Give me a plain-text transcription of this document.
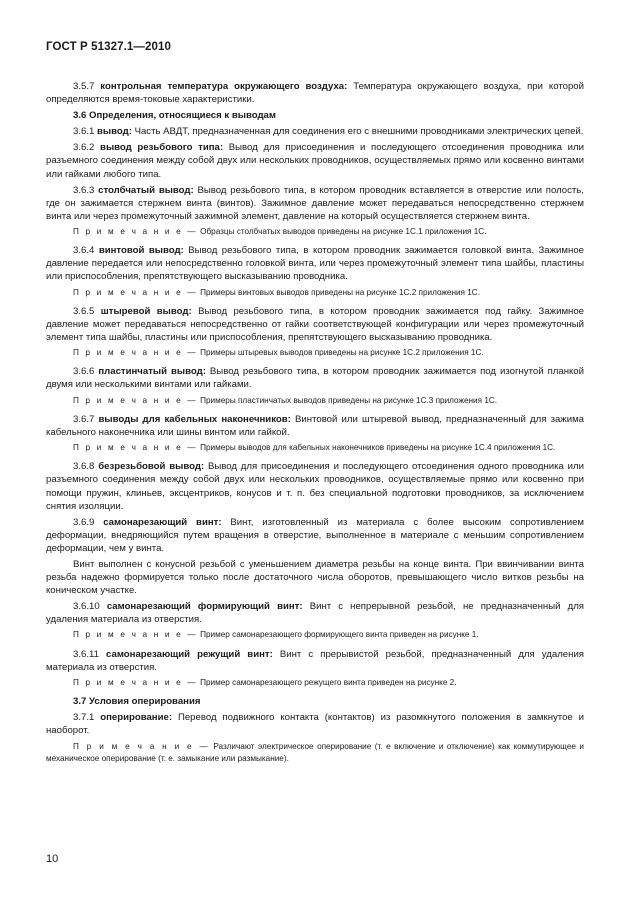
ГОСТ Р 51327.1—2010
3.5.7 контрольная температура окружающего воздуха: Температура окружающего воздуха, при которой определяются время-токовые характеристики.
3.6 Определения, относящиеся к выводам
3.6.1 вывод: Часть АВДТ, предназначенная для соединения его с внешними проводниками электрических цепей.
3.6.2 вывод резьбового типа: Вывод для присоединения и последующего отсоединения проводника или разъемного соединения между собой двух или нескольких проводников, осуществляемых прямо или косвенно винтами или гайками любого типа.
3.6.3 столбчатый вывод: Вывод резьбового типа, в котором проводник вставляется в отверстие или полость, где он зажимается стержнем винта (винтов). Зажимное давление может передаваться непосредственно стержнем винта или через промежуточный зажимной элемент, давление на который осуществляется стержнем винта.
П р и м е ч а н и е — Образцы столбчатых выводов приведены на рисунке 1С.1 приложения 1С.
3.6.4 винтовой вывод: Вывод резьбового типа, в котором проводник зажимается головкой винта. Зажимное давление передается или непосредственно головкой винта, или через промежуточный элемент типа шайбы, пластины или приспособления, препятствующего высказыванию проводника.
П р и м е ч а н и е — Примеры винтовых выводов приведены на рисунке 1С.2 приложения 1С.
3.6.5 штыревой вывод: Вывод резьбового типа, в котором проводник зажимается под гайку. Зажимное давление может передаваться непосредственно от гайки соответствующей конфигурации или через промежуточный элемент типа шайбы, пластины или приспособления, препятствующего высказыванию проводника.
П р и м е ч а н и е — Примеры штыревых выводов приведены на рисунке 1С.2 приложения 1С.
3.6.6 пластинчатый вывод: Вывод резьбового типа, в котором проводник зажимается под изогнутой планкой двумя или несколькими винтами или гайками.
П р и м е ч а н и е — Примеры пластинчатых выводов приведены на рисунке 1С.3 приложения 1С.
3.6.7 выводы для кабельных наконечников: Винтовой или штыревой вывод, предназначенный для зажима кабельного наконечника или шины винтом или гайкой.
П р и м е ч а н и е — Примеры выводов для кабельных наконечников приведены на рисунке 1С.4 приложения 1С.
3.6.8 безрезьбовой вывод: Вывод для присоединения и последующего отсоединения одного проводника или разъемного соединения между собой двух или нескольких проводников, осуществляемые прямо или косвенно при помощи пружин, клиньев, эксцентриков, конусов и т. п. без специальной подготовки проводников, за исключением снятия изоляции.
3.6.9 самонарезающий винт: Винт, изготовленный из материала с более высоким сопротивлением деформации, внедряющийся путем вращения в отверстие, выполненное в материале с меньшим сопротивлением деформации, чем у винта.
Винт выполнен с конусной резьбой с уменьшением диаметра резьбы на конце винта. При ввинчивании винта резьба надежно формируется только после достаточного числа оборотов, превышающего число витков резьбы на коническом участке.
3.6.10 самонарезающий формирующий винт: Винт с непрерывной резьбой, не предназначенный для удаления материала из отверстия.
П р и м е ч а н и е — Пример самонарезающего формирующего винта приведен на рисунке 1.
3.6.11 самонарезающий режущий винт: Винт с прерывистой резьбой, предназначенный для удаления материала из отверстия.
П р и м е ч а н и е — Пример самонарезающего режущего винта приведен на рисунке 2.
3.7 Условия оперирования
3.7.1 оперирование: Перевод подвижного контакта (контактов) из разомкнутого положения в замкнутое и наоборот.
П р и м е ч а н и е — Различают электрическое оперирование (т. е включение и отключение) как коммутирующее и механическое оперирование (т. е. замыкание или размыкание).
10
